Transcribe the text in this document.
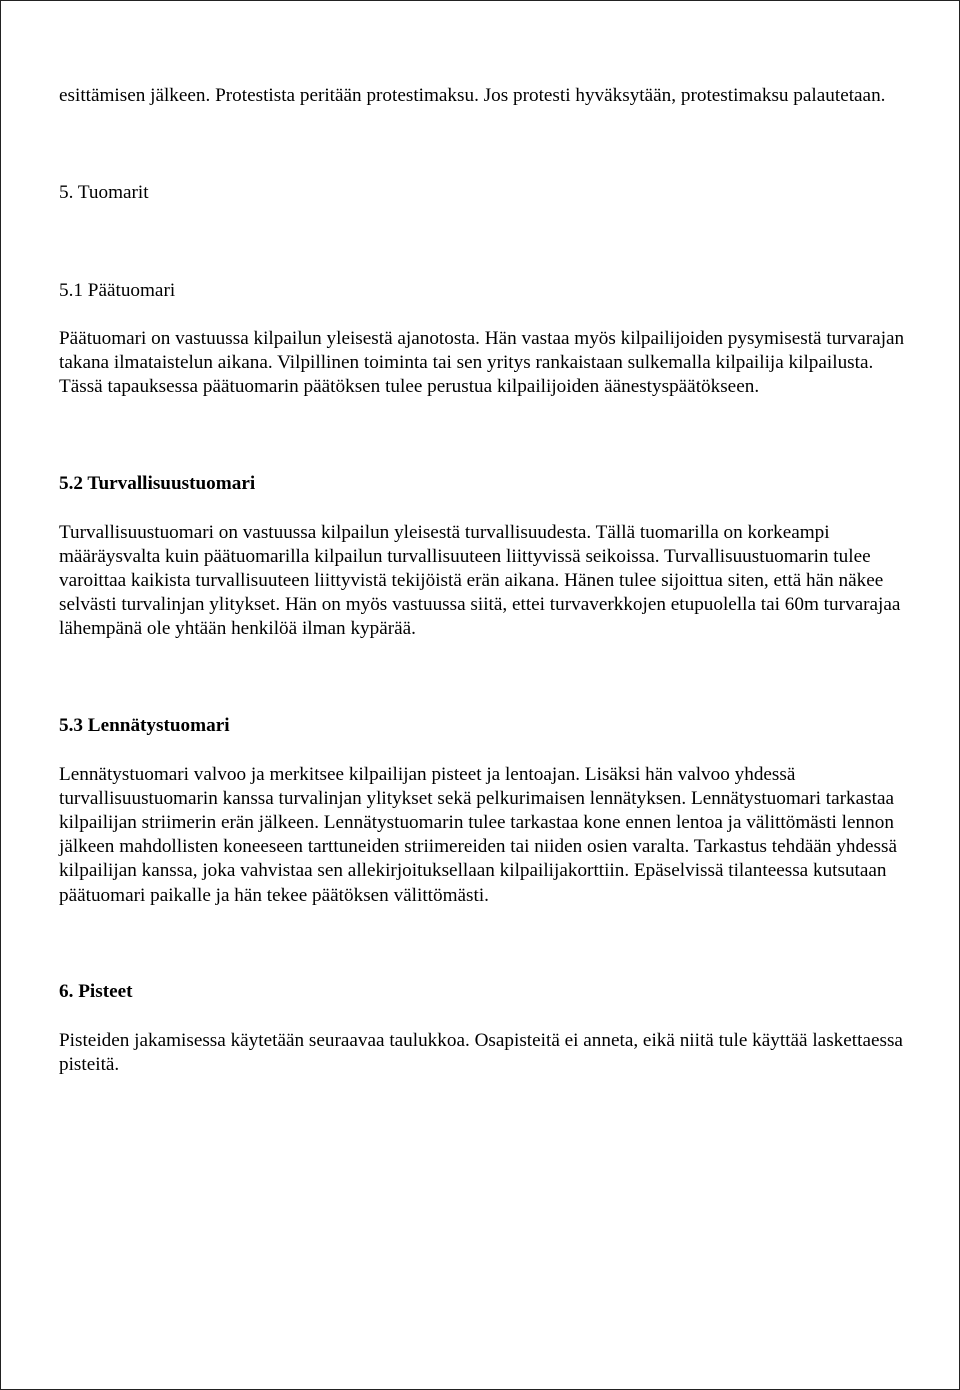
esittämisen jälkeen. Protestista peritään protestimaksu. Jos protesti hyväksytään, protestimaksu palautetaan.

5. Tuomarit

5.1 Päätuomari

Päätuomari on vastuussa kilpailun yleisestä ajanotosta. Hän vastaa myös kilpailijoiden pysymisestä turvarajan takana ilmataistelun aikana. Vilpillinen toiminta tai sen yritys rankaistaan sulkemalla kilpailija kilpailusta. Tässä tapauksessa päätuomarin päätöksen tulee perustua kilpailijoiden äänestyspäätökseen.

5.2 Turvallisuustuomari

Turvallisuustuomari on vastuussa kilpailun yleisestä turvallisuudesta. Tällä tuomarilla on korkeampi määräysvalta kuin päätuomarilla kilpailun turvallisuuteen liittyvissä seikoissa. Turvallisuustuomarin tulee varoittaa kaikista turvallisuuteen liittyvistä tekijöistä erän aikana. Hänen tulee sijoittua siten, että hän näkee selvästi turvalinjan ylitykset. Hän on myös vastuussa siitä, ettei turvaverkkojen etupuolella tai 60m turvarajaa lähempänä ole yhtään henkilöä ilman kypärää.

5.3 Lennätystuomari

Lennätystuomari valvoo ja merkitsee kilpailijan pisteet ja lentoajan. Lisäksi hän valvoo yhdessä turvallisuustuomarin kanssa turvalinjan ylitykset sekä pelkurimaisen lennätyksen. Lennätystuomari tarkastaa kilpailijan striimerin erän jälkeen. Lennätystuomarin tulee tarkastaa kone ennen lentoa ja välittömästi lennon jälkeen mahdollisten koneeseen tarttuneiden striimereiden tai niiden osien varalta. Tarkastus tehdään yhdessä kilpailijan kanssa, joka vahvistaa sen allekirjoituksellaan kilpailijakorttiin. Epäselvissä tilanteessa kutsutaan päätuomari paikalle ja hän tekee päätöksen välittömästi.

6. Pisteet

Pisteiden jakamisessa käytetään seuraavaa taulukkoa. Osapisteitä ei anneta, eikä niitä tule käyttää laskettaessa pisteitä.
